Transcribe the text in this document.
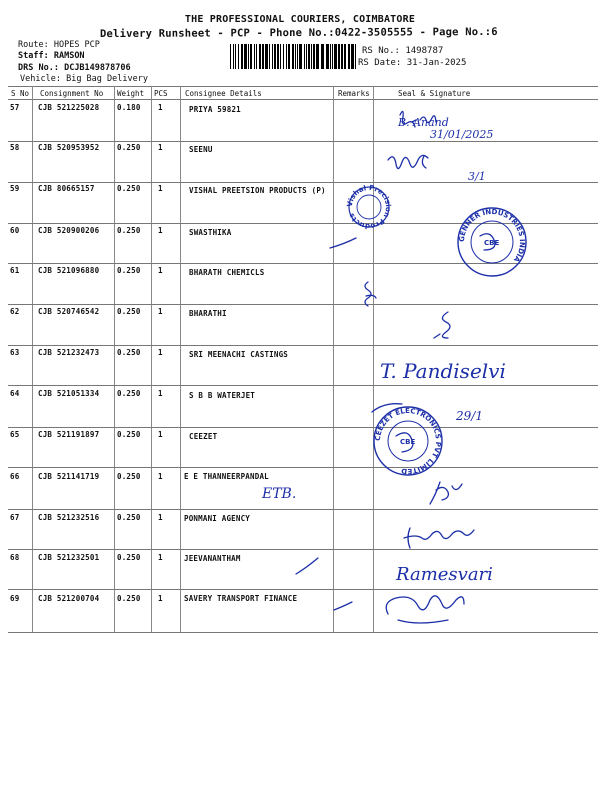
THE PROFESSIONAL COURIERS, COIMBATORE
Delivery Runsheet - PCP - Phone No.:0422-3505555 - Page No.:6
Route: HOPES PCP
Staff: RAMSON
DRS No.: DCJB149878706
Vehicle: Big Bag Delivery
RS No.: 1498787
RS Date: 31-Jan-2025
S No Consignment No Weight PCS Consignee Details	Remarks	Seal & Signature
57 CJB 521225028 0.180 1	PRIYA 59821
58 CJB 520953952 0.250 1	SEENU
59 CJB 80665157	0.250 1	VISHAL PREETSION PRODUCTS (P)
60 CJB 520900206 0.250 1	SWASTHIKA
61 CJB 521096880 0.250 1	BHARATH CHEMICLS
62 CJB 520746542 0.250 1	BHARATHI
63 CJB 521232473 0.250 1	SRI MEENACHI CASTINGS
64 CJB 521051334 0.250 1	S B B WATERJET
65 CJB 521191897 0.250 1	CEEZET
66 CJB 521141719 0.250 1	E E THANNEERPANDAL
67 CJB 521232516 0.250 1	PONMANI AGENCY
68 CJB 521232501 0.250 1	JEEVANANTHAM
69 CJB 521200704 0.250 1	SAVERY TRANSPORT FINANCE
B. Anand
31/01/2025
3/1
Vishal Precision Products
GENNER INDUSTRIES INDIA
CBE
T. Pandiselvi
29/1
CEEZET ELECTRONICS PVT LIMITED
CBE
ETB.
Ramesvari
